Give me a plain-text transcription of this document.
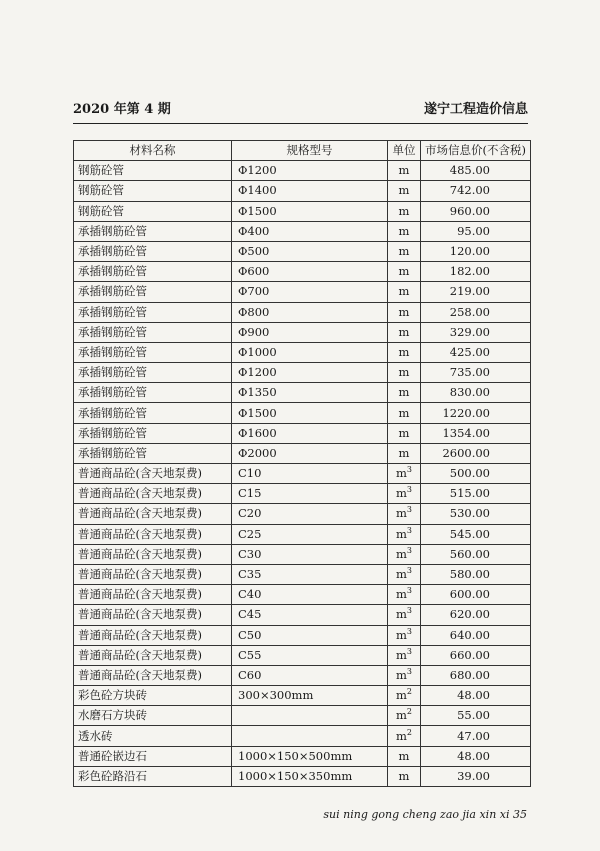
2020 年第 4 期	遂宁工程造价信息
材料名称	规格型号	单位	市场信息价(不含税)
钢筋砼管	Φ1200	m	485.00
钢筋砼管	Φ1400	m	742.00
钢筋砼管	Φ1500	m	960.00
承插钢筋砼管	Φ400	m	95.00
承插钢筋砼管	Φ500	m	120.00
承插钢筋砼管	Φ600	m	182.00
承插钢筋砼管	Φ700	m	219.00
承插钢筋砼管	Φ800	m	258.00
承插钢筋砼管	Φ900	m	329.00
承插钢筋砼管	Φ1000	m	425.00
承插钢筋砼管	Φ1200	m	735.00
承插钢筋砼管	Φ1350	m	830.00
承插钢筋砼管	Φ1500	m	1220.00
承插钢筋砼管	Φ1600	m	1354.00
承插钢筋砼管	Φ2000	m	2600.00
普通商品砼(含天地泵费)	C10	$m^3$	500.00
普通商品砼(含天地泵费)	C15	$m^3$	515.00
普通商品砼(含天地泵费)	C20	$m^3$	530.00
普通商品砼(含天地泵费)	C25	$m^3$	545.00
普通商品砼(含天地泵费)	C30	$m^3$	560.00
普通商品砼(含天地泵费)	C35	$m^3$	580.00
普通商品砼(含天地泵费)	C40	$m^3$	600.00
普通商品砼(含天地泵费)	C45	$m^3$	620.00
普通商品砼(含天地泵费)	C50	$m^3$	640.00
普通商品砼(含天地泵费)	C55	$m^3$	660.00
普通商品砼(含天地泵费)	C60	$m^3$	680.00
彩色砼方块砖	300×300mm	$m^2$	48.00
水磨石方块砖		$m^2$	55.00
透水砖		$m^2$	47.00
普通砼嵌边石	1000×150×500mm	m	48.00
彩色砼路沿石	1000×150×350mm	m	39.00
sui ning gong cheng zao jia xin xi 35
